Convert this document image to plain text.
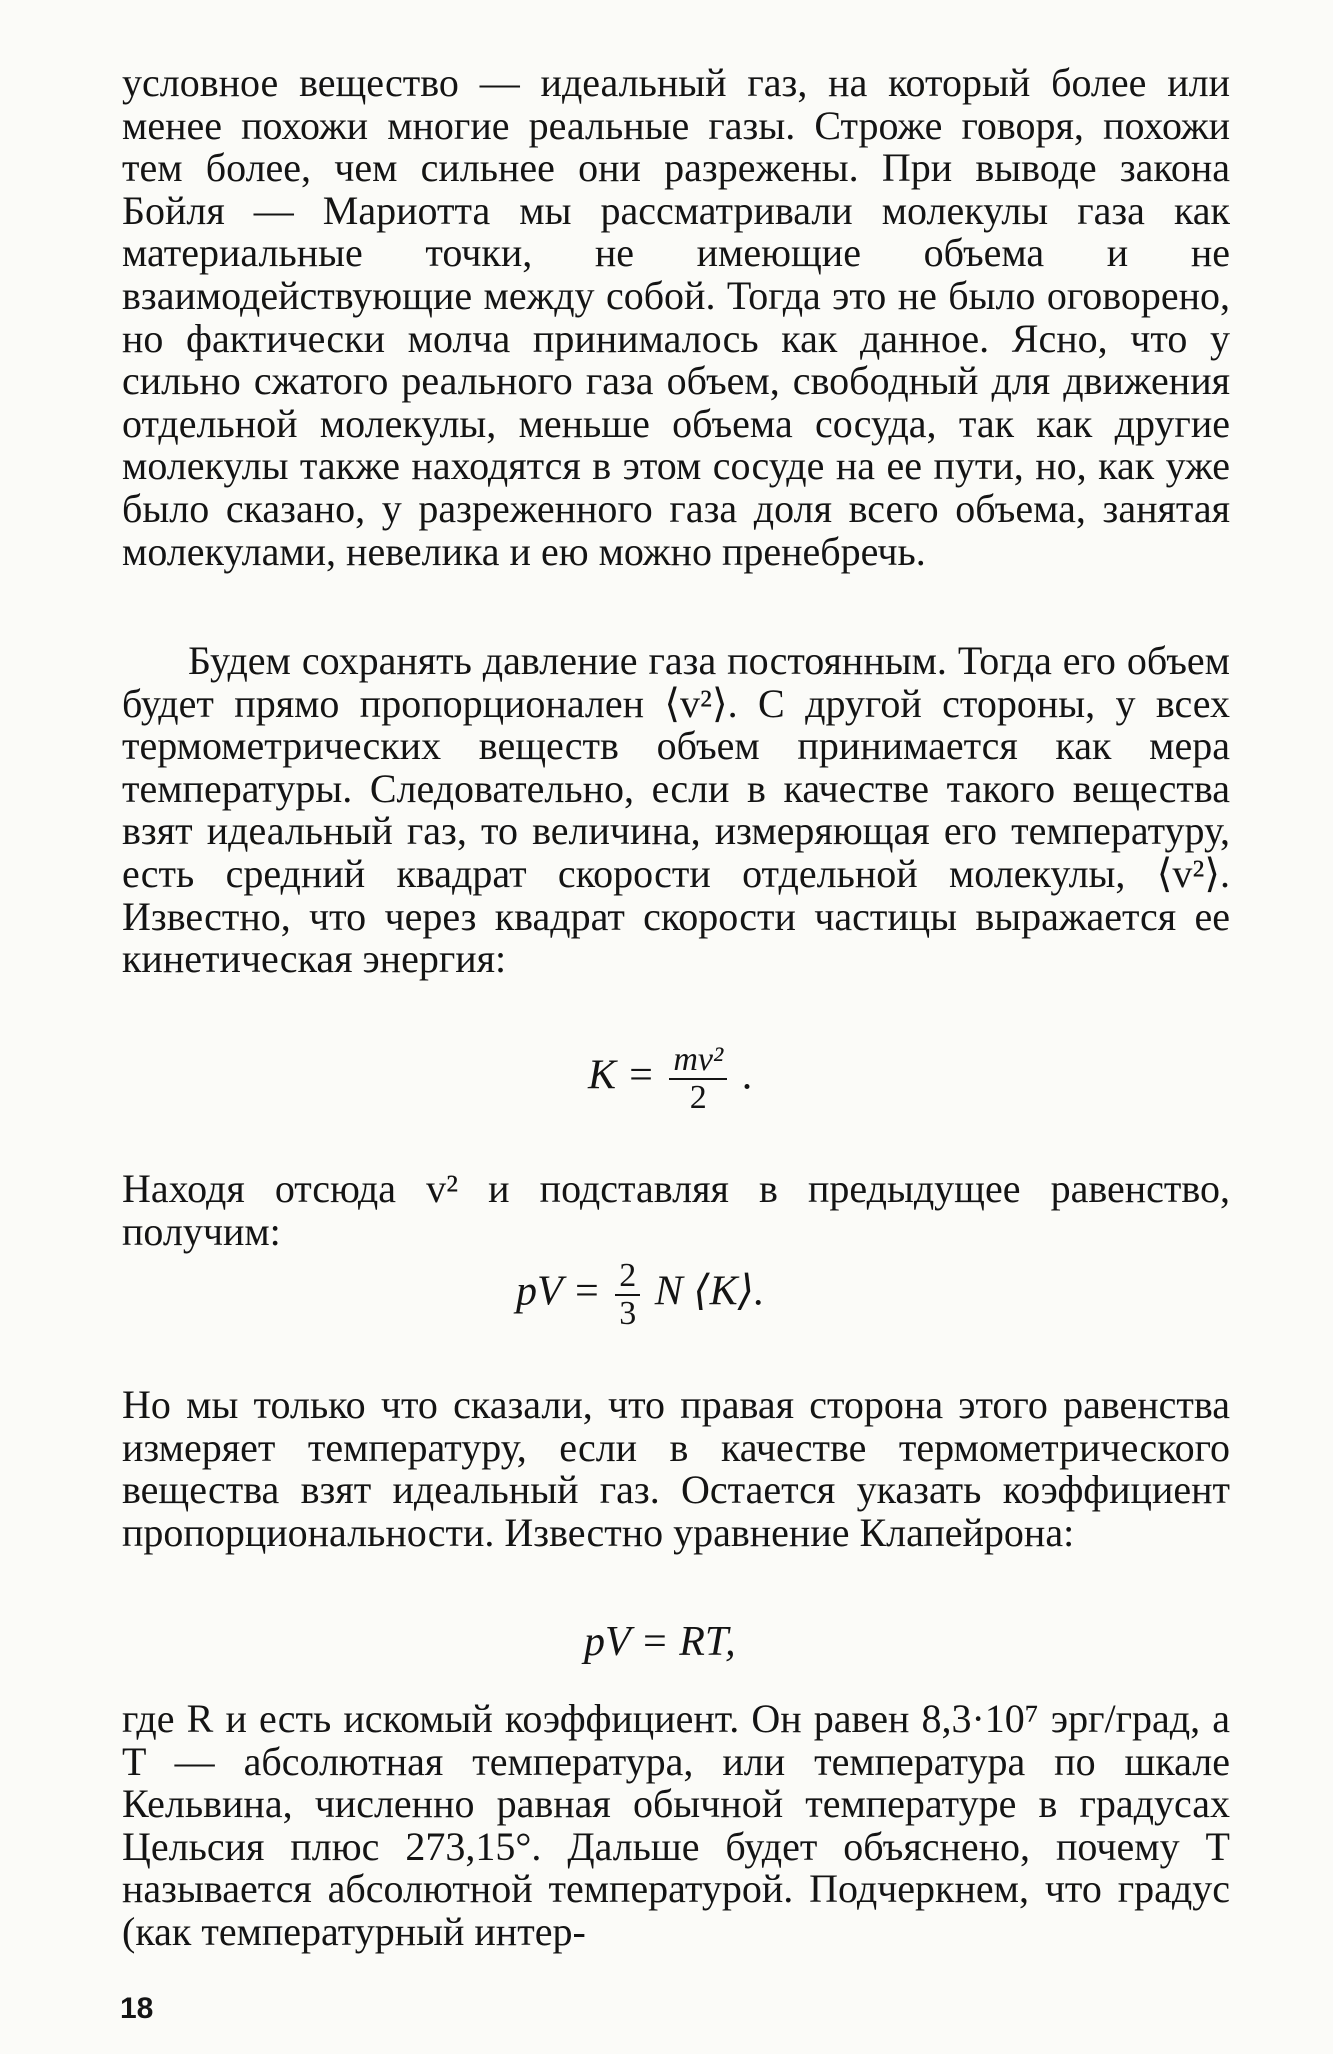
условное вещество — идеальный газ, на который более или менее похожи многие реальные газы. Строже говоря, похожи тем более, чем сильнее они разрежены. При выводе закона Бойля — Мариотта мы рассматривали молекулы газа как материальные точки, не имеющие объема и не взаимодействующие между собой. Тогда это не было оговорено, но фактически молча принималось как данное. Ясно, что у сильно сжатого реального газа объем, свободный для движения отдельной молекулы, меньше объема сосуда, так как другие молекулы также находятся в этом сосуде на ее пути, но, как уже было сказано, у разреженного газа доля всего объема, занятая молекулами, невелика и ею можно пренебречь.

Будем сохранять давление газа постоянным. Тогда его объем будет прямо пропорционален ⟨v²⟩. С другой стороны, у всех термометрических веществ объем принимается как мера температуры. Следовательно, если в качестве такого вещества взят идеальный газ, то величина, измеряющая его температуру, есть средний квадрат скорости отдельной молекулы, ⟨v²⟩. Известно, что через квадрат скорости частицы выражается ее кинетическая энергия:

$K = \frac{\text{mv²}}{2}$ .

Находя отсюда v² и подставляя в предыдущее равенство, получим:

pV = $\frac{2}{3}$ N ⟨K⟩.

Но мы только что сказали, что правая сторона этого равенства измеряет температуру, если в качестве термометрического вещества взят идеальный газ. Остается указать коэффициент пропорциональности. Известно уравнение Клапейрона:

pV = RT,

где R и есть искомый коэффициент. Он равен 8,3·10⁷ эрг/град, а T — абсолютная температура, или температура по шкале Кельвина, численно равная обычной температуре в градусах Цельсия плюс 273,15°. Дальше будет объяснено, почему T называется абсолютной температурой. Подчеркнем, что градус (как температурный интер-

18
